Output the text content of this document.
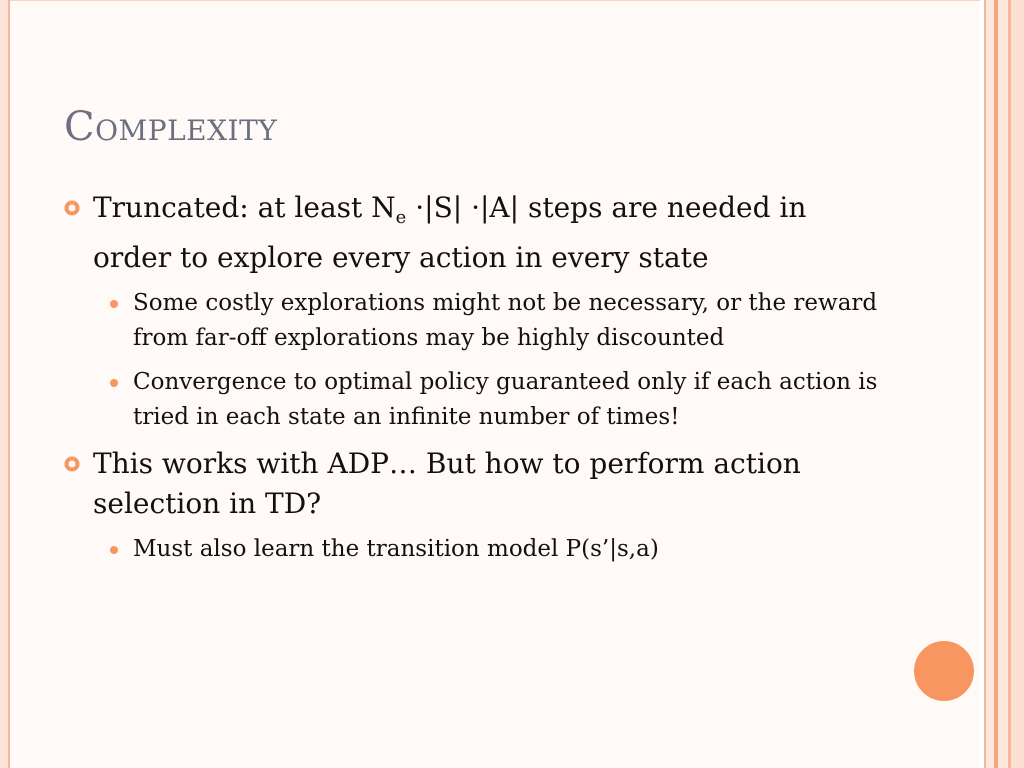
Complexity
Truncated: at least $N_e \cdot|S| \cdot|A|$ steps are needed in order to explore every action in every state
Some costly explorations might not be necessary, or the reward from far-off explorations may be highly discounted
Convergence to optimal policy guaranteed only if each action is tried in each state an infinite number of times!
This works with ADP… But how to perform action selection in TD?
Must also learn the transition model P(s’|s,a)
